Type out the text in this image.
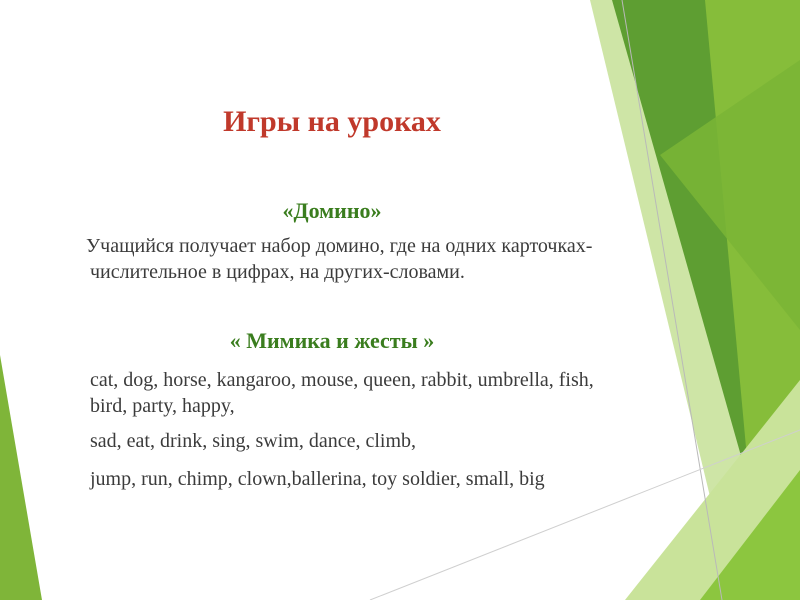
Игры на уроках
«Домино»

Учащийся получает набор домино, где на одних карточках-числительное в цифрах, на других-словами.

« Мимика и жесты »

cat, dog, horse, kangaroo, mouse, queen, rabbit, umbrella, fish, bird, party, happy,

sad, eat, drink, sing, swim, dance, climb,

jump, run, chimp, clown,ballerina, toy soldier, small, big
